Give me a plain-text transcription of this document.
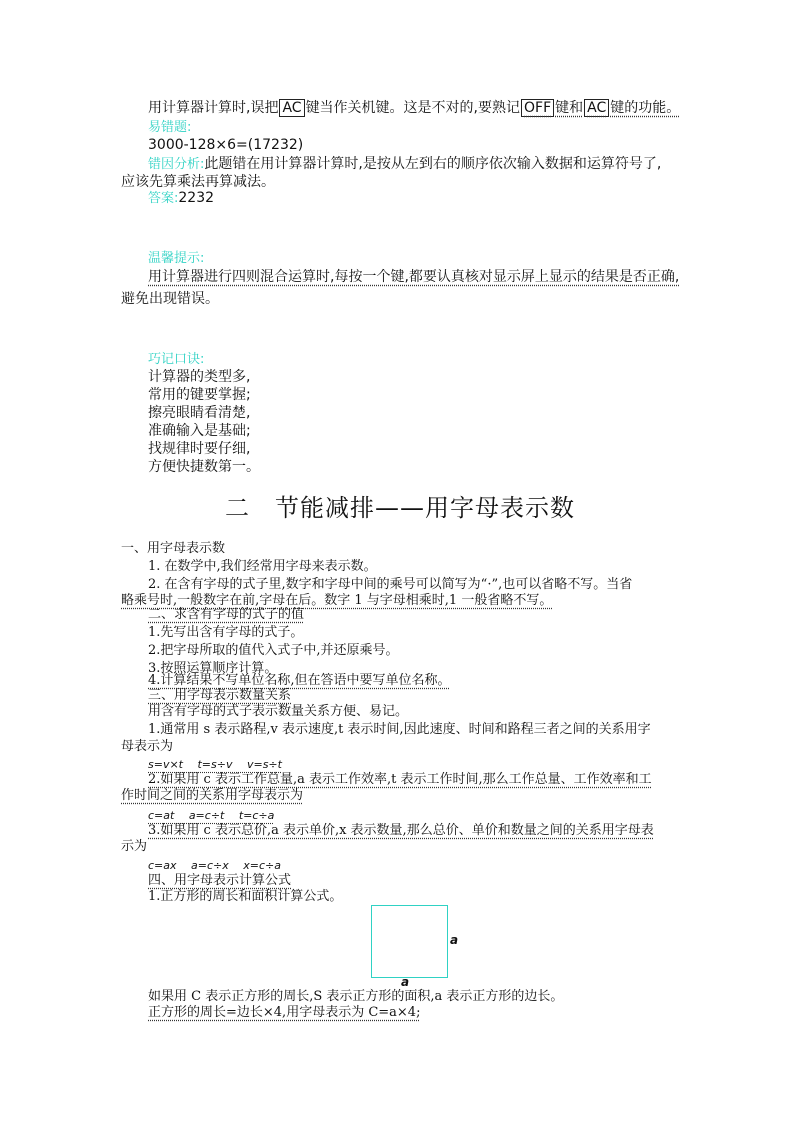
用计算器计算时,误把 AC 键当作关机键。这是不对的,要熟记 OFF 键和 AC 键的功能。
易错题:
3000-128×6=(17232)
错因分析:此题错在用计算器计算时,是按从左到右的顺序依次输入数据和运算符号了,
应该先算乘法再算减法。
答案:2232
温馨提示:
用计算器进行四则混合运算时,每按一个键,都要认真核对显示屏上显示的结果是否正确,
避免出现错误。
巧记口诀:
计算器的类型多,
常用的键要掌握;
擦亮眼睛看清楚,
准确输入是基础;
找规律时要仔细,
方便快捷数第一。
二　节能减排——用字母表示数
一、用字母表示数
1. 在数学中,我们经常用字母来表示数。
2. 在含有字母的式子里,数字和字母中间的乘号可以简写为“·”,也可以省略不写。当省
略乘号时,一般数字在前,字母在后。数字 1 与字母相乘时,1 一般省略不写。
二、求含有字母的式子的值
1.先写出含有字母的式子。
2.把字母所取的值代入式子中,并还原乘号。
3.按照运算顺序计算。
4.计算结果不写单位名称,但在答语中要写单位名称。
三、用字母表示数量关系
用含有字母的式子表示数量关系方便、易记。
1.通常用 s 表示路程,v 表示速度,t 表示时间,因此速度、时间和路程三者之间的关系用字
母表示为
s=v×t　 t=s÷v　 v=s÷t
2.如果用 c 表示工作总量,a 表示工作效率,t 表示工作时间,那么工作总量、工作效率和工
作时间之间的关系用字母表示为
c=at　 a=c÷t　 t=c÷a
3.如果用 c 表示总价,a 表示单价,x 表示数量,那么总价、单价和数量之间的关系用字母表
示为
c=ax　 a=c÷x　 x=c÷a
四、用字母表示计算公式
1.正方形的周长和面积计算公式。
a
a
如果用 C 表示正方形的周长,S 表示正方形的面积,a 表示正方形的边长。
正方形的周长=边长×4,用字母表示为 C=a×4;
